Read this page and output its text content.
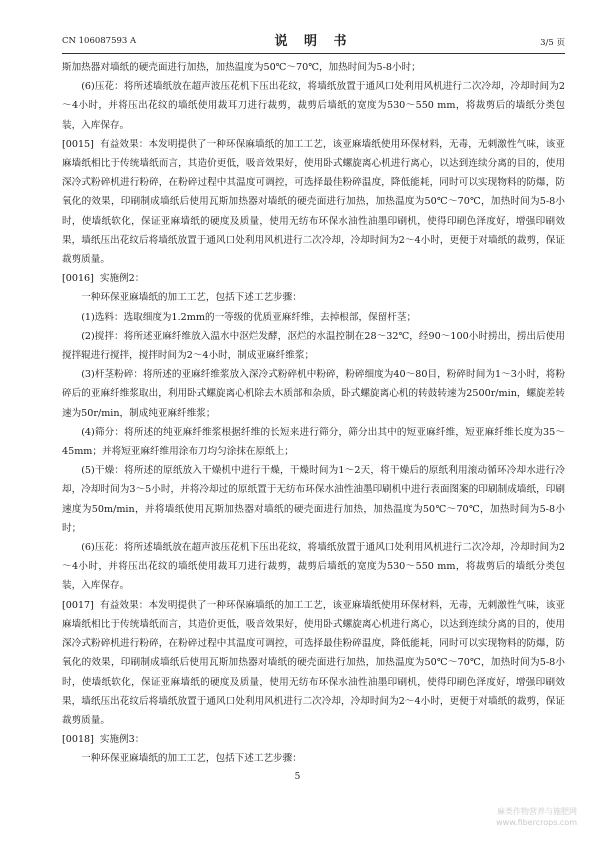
CN 106087593 A	说 明 书	3/5 页

斯加热器对墙纸的硬壳面进行加热，加热温度为50℃～70℃，加热时间为5-8小时；

(6)压花：将所述墙纸放在超声波压花机下压出花纹，将墙纸放置于通风口处利用风机进行二次冷却，冷却时间为2～4小时，并将压出花纹的墙纸使用裁耳刀进行裁剪，裁剪后墙纸的宽度为530～550 mm，将裁剪后的墙纸分类包装，入库保存。

[0015] 有益效果：本发明提供了一种环保麻墙纸的加工工艺，该亚麻墙纸使用环保材料，无毒，无刺激性气味，该亚麻墙纸相比于传统墙纸而言，其造价更低，吸音效果好，使用卧式螺旋离心机进行离心，以达到连续分离的目的，使用深冷式粉碎机进行粉碎，在粉碎过程中其温度可调控，可选择最佳粉碎温度，降低能耗，同时可以实现物料的防爆，防氧化的效果，印刷制成墙纸后使用瓦斯加热器对墙纸的硬壳面进行加热，加热温度为50℃～70℃，加热时间为5-8小时，使墙纸软化，保证亚麻墙纸的硬度及质量，使用无纺布环保水油性油墨印刷机，使得印刷色泽度好，增强印刷效果，墙纸压出花纹后将墙纸放置于通风口处利用风机进行二次冷却，冷却时间为2～4小时，更便于对墙纸的裁剪，保证裁剪质量。

[0016] 实施例2：

一种环保亚麻墙纸的加工工艺，包括下述工艺步骤：

(1)选料：选取细度为1.2mm的一等级的优质亚麻纤维，去掉根部，保留杆茎；

(2)搅拌：将所述亚麻纤维放入温水中沤烂发酵，沤烂的水温控制在28～32℃，经90～100小时捞出，捞出后使用搅拌辊进行搅拌，搅拌时间为2～4小时，制成亚麻纤维浆；

(3)杆茎粉碎：将所述的亚麻纤维浆放入深冷式粉碎机中粉碎，粉碎细度为40～80目，粉碎时间为1～3小时，将粉碎后的亚麻纤维浆取出，利用卧式螺旋离心机除去木质部和杂质，卧式螺旋离心机的转鼓转速为2500r/min，螺旋差转速为50r/min，制成纯亚麻纤维浆；

(4)筛分：将所述的纯亚麻纤维浆根据纤维的长短来进行筛分，筛分出其中的短亚麻纤维，短亚麻纤维长度为35～45mm；并将短亚麻纤维用涂布刀均匀涂抹在原纸上；

(5)干燥：将所述的原纸放入干燥机中进行干燥，干燥时间为1～2天，将干燥后的原纸利用滚动循环冷却水进行冷却，冷却时间为3～5小时，并将冷却过的原纸置于无纺布环保水油性油墨印刷机中进行表面图案的印刷制成墙纸，印刷速度为50m/min，并将墙纸使用瓦斯加热器对墙纸的硬壳面进行加热，加热温度为50℃～70℃，加热时间为5-8小时；

(6)压花：将所述墙纸放在超声波压花机下压出花纹，将墙纸放置于通风口处利用风机进行二次冷却，冷却时间为2～4小时，并将压出花纹的墙纸使用裁耳刀进行裁剪，裁剪后墙纸的宽度为530～550 mm，将裁剪后的墙纸分类包装，入库保存。

[0017] 有益效果：本发明提供了一种环保麻墙纸的加工工艺，该亚麻墙纸使用环保材料，无毒，无刺激性气味，该亚麻墙纸相比于传统墙纸而言，其造价更低，吸音效果好，使用卧式螺旋离心机进行离心，以达到连续分离的目的，使用深冷式粉碎机进行粉碎，在粉碎过程中其温度可调控，可选择最佳粉碎温度，降低能耗，同时可以实现物料的防爆，防氧化的效果，印刷制成墙纸后使用瓦斯加热器对墙纸的硬壳面进行加热，加热温度为50℃～70℃，加热时间为5-8小时，使墙纸软化，保证亚麻墙纸的硬度及质量，使用无纺布环保水油性油墨印刷机，使得印刷色泽度好，增强印刷效果，墙纸压出花纹后将墙纸放置于通风口处利用风机进行二次冷却，冷却时间为2～4小时，更便于对墙纸的裁剪，保证裁剪质量。

[0018] 实施例3：

一种环保亚麻墙纸的加工工艺，包括下述工艺步骤：

5
麻类作物营养与施肥网
www.fibercrops.com
